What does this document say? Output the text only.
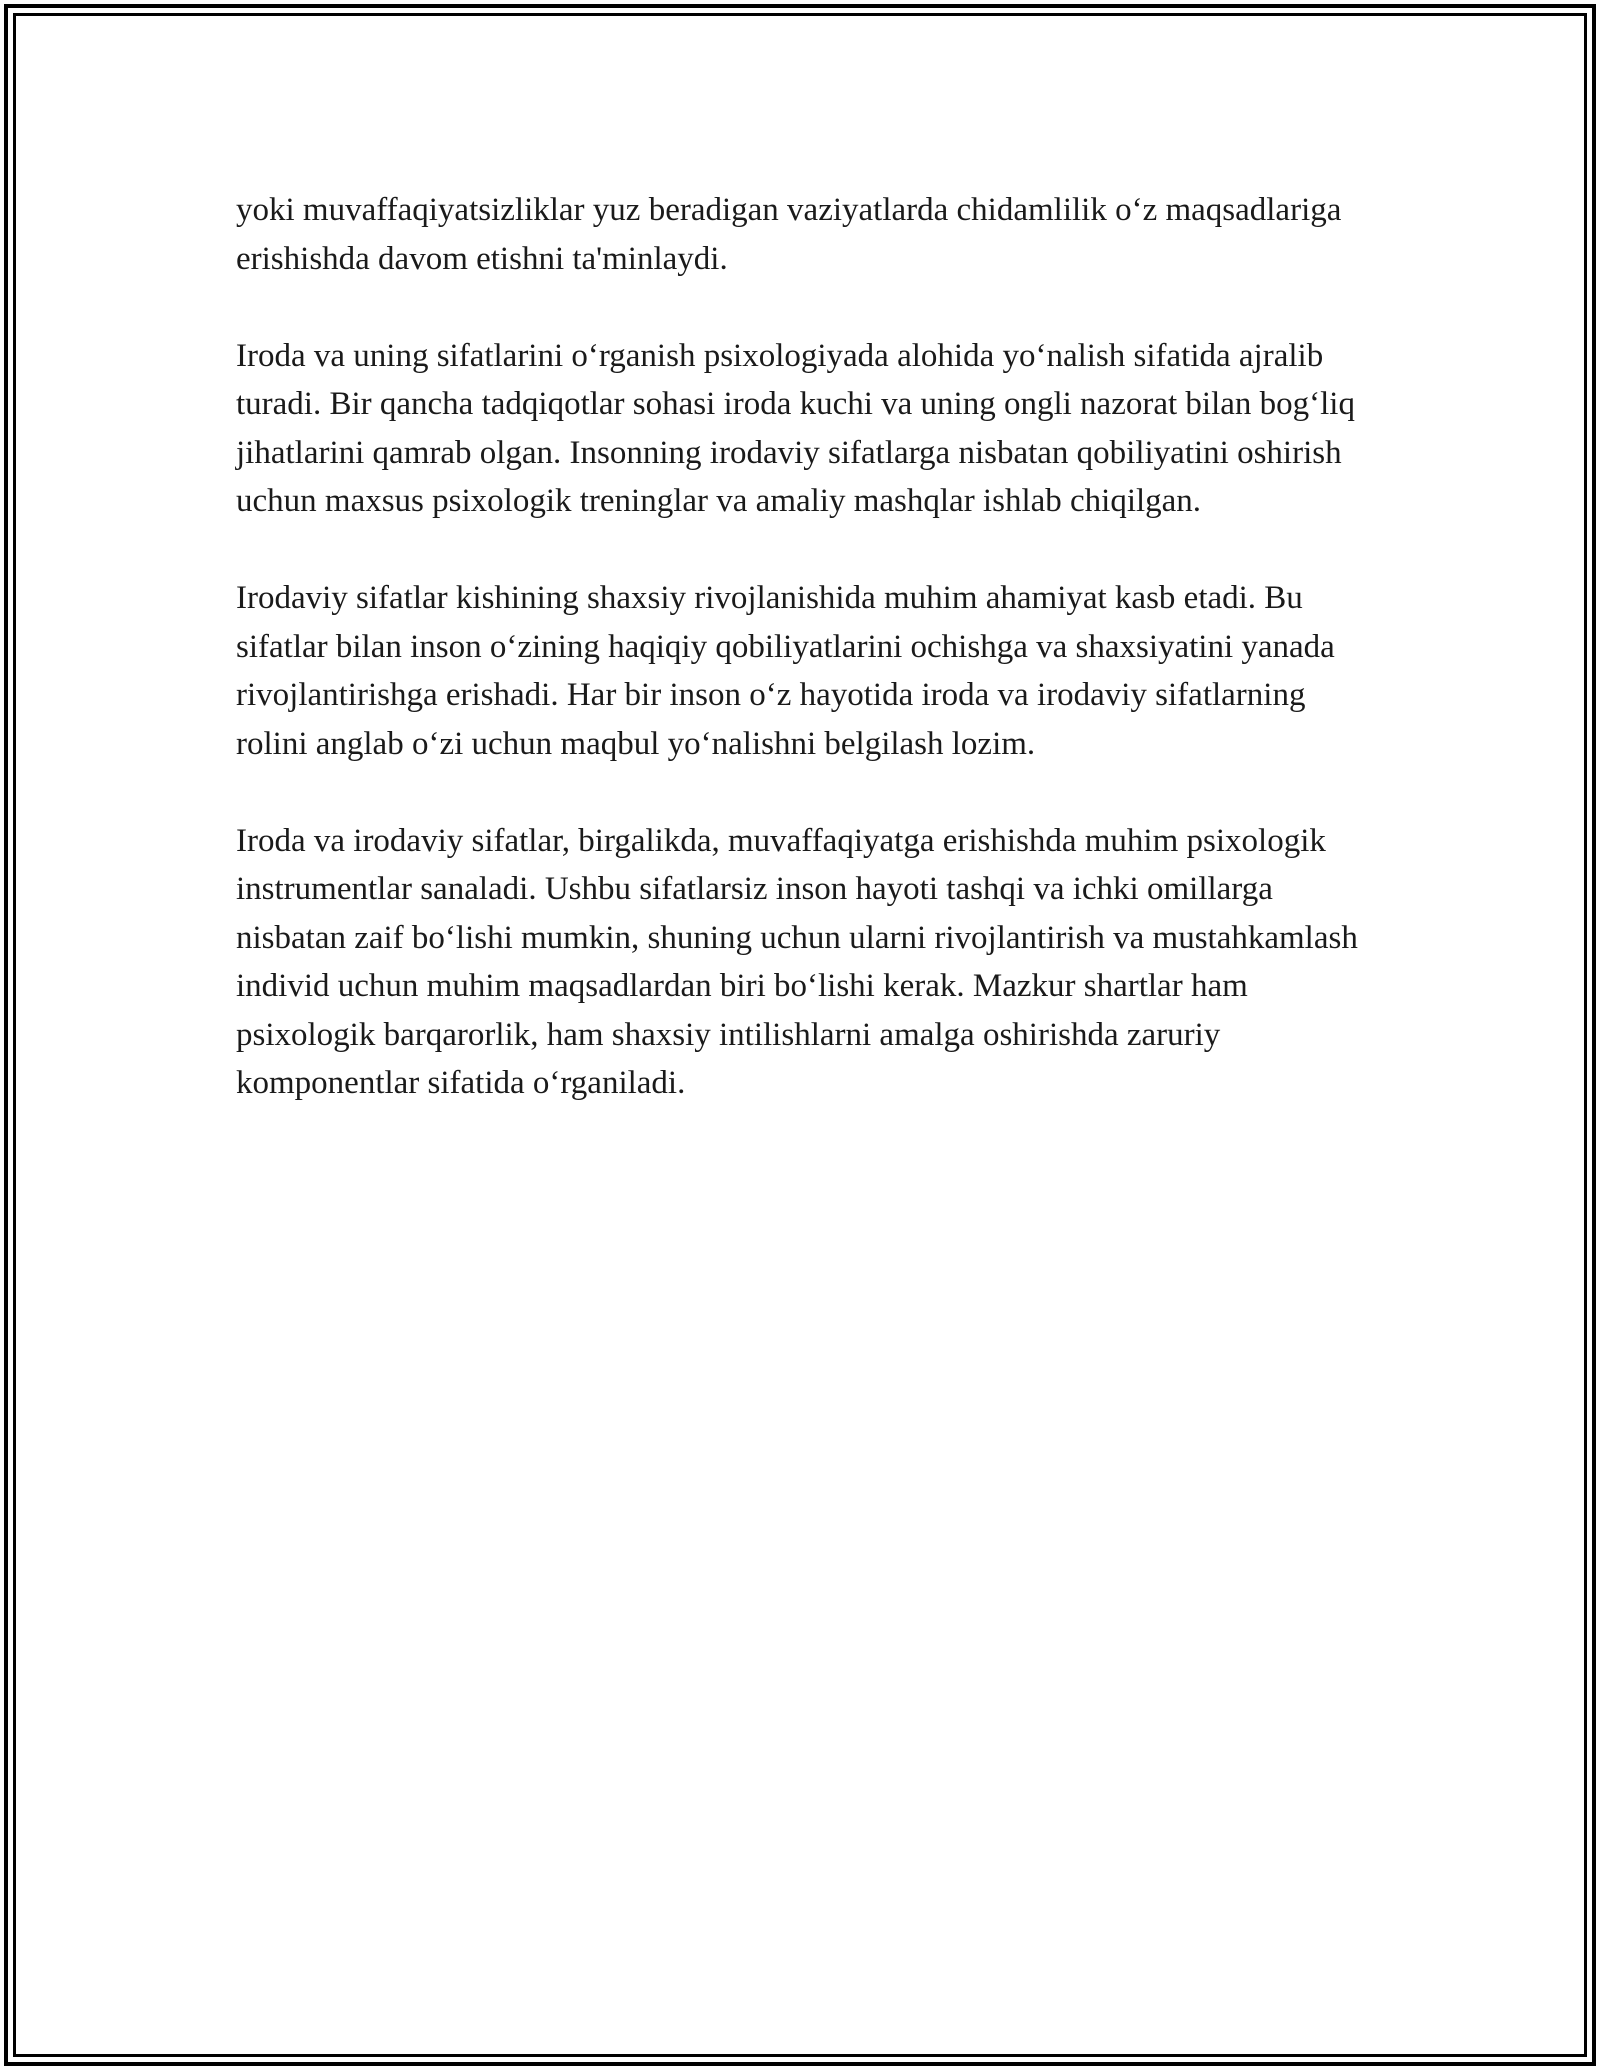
yoki muvaffaqiyatsizliklar yuz beradigan vaziyatlarda chidamlilik o‘z maqsadlariga erishishda davom etishni ta'minlaydi.

Iroda va uning sifatlarini o‘rganish psixologiyada alohida yo‘nalish sifatida ajralib turadi. Bir qancha tadqiqotlar sohasi iroda kuchi va uning ongli nazorat bilan bog‘liq jihatlarini qamrab olgan. Insonning irodaviy sifatlarga nisbatan qobiliyatini oshirish uchun maxsus psixologik treninglar va amaliy mashqlar ishlab chiqilgan.

Irodaviy sifatlar kishining shaxsiy rivojlanishida muhim ahamiyat kasb etadi. Bu sifatlar bilan inson o‘zining haqiqiy qobiliyatlarini ochishga va shaxsiyatini yanada rivojlantirishga erishadi. Har bir inson o‘z hayotida iroda va irodaviy sifatlarning rolini anglab o‘zi uchun maqbul yo‘nalishni belgilash lozim.

Iroda va irodaviy sifatlar, birgalikda, muvaffaqiyatga erishishda muhim psixologik instrumentlar sanaladi. Ushbu sifatlarsiz inson hayoti tashqi va ichki omillarga nisbatan zaif bo‘lishi mumkin, shuning uchun ularni rivojlantirish va mustahkamlash individ uchun muhim maqsadlardan biri bo‘lishi kerak. Mazkur shartlar ham psixologik barqarorlik, ham shaxsiy intilishlarni amalga oshirishda zaruriy komponentlar sifatida o‘rganiladi.
